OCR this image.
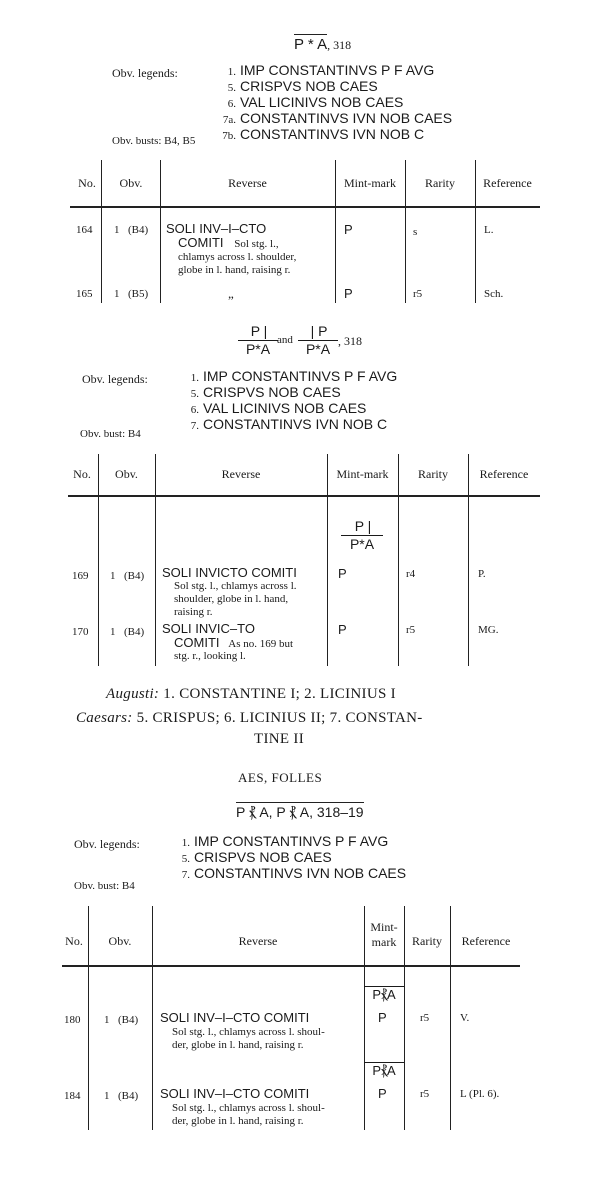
P * A, 318
Obv. legends:	1. IMP CONSTANTINVS P F AVG
5. CRISPVS NOB CAES
6. VAL LICINIVS NOB CAES
7a. CONSTANTINVS IVN NOB CAES
7b. CONSTANTINVS IVN NOB C
Obv. busts: B4, B5
No.	Obv.	Reverse	Mint-mark	Rarity	Reference
164 1 (B4) SOLI INV–I–CTO
COMITI Sol stg. l.,
chlamys across l. shoulder,
globe in l. hand, raising r.
P	s	L.
165 1 (B5)	„	P	r5	Sch.
P |
P*A
and
| P
P*A , 318
Obv. legends:	1. IMP CONSTANTINVS P F AVG
5. CRISPVS NOB CAES
6. VAL LICINIVS NOB CAES
7. CONSTANTINVS IVN NOB C
Obv. bust: B4
No.	Obv.	Reverse	Mint-mark	Rarity	Reference
P |
P*A
169 1 (B4) SOLI INVICTO COMITI
Sol stg. l., chlamys across l.
shoulder, globe in l. hand,
raising r.
P	r4	P.
170 1 (B4) SOLI INVIC–TO
COMITI As no. 169 but
stg. r., looking l.
P	r5	MG.
Augusti: 1. CONSTANTINE I; 2. LICINIUS I
Caesars: 5. CRISPUS; 6. LICINIUS II; 7. CONSTAN-
TINE II
AES, FOLLES
P ⳩ A, P ⳩ A, 318–19
Obv. legends:	1. IMP CONSTANTINVS P F AVG
5. CRISPVS NOB CAES
7. CONSTANTINVS IVN NOB CAES
Obv. bust: B4
No.	Obv.	Reverse
Mint-
mark	Rarity	Reference
P⳩A
180 1 (B4) SOLI INV–I–CTO COMITI
Sol stg. l., chlamys across l. shoul-
der, globe in l. hand, raising r.
P	r5	V.
P⳩A
184 1 (B4) SOLI INV–I–CTO COMITI
Sol stg. l., chlamys across l. shoul-
der, globe in l. hand, raising r.
P	r5	L (Pl. 6).
